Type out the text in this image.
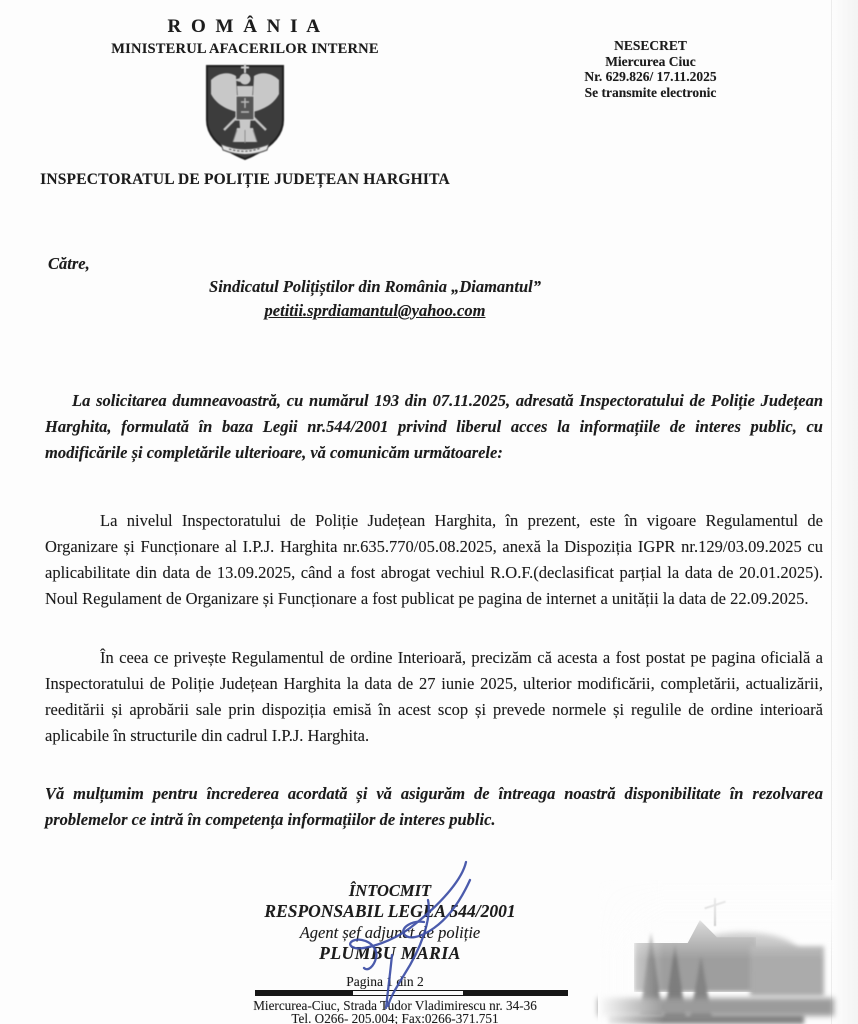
R O M Â N I A
MINISTERUL AFACERILOR INTERNE
INSPECTORATUL DE POLIȚIE JUDEȚEAN HARGHITA
NESECRET
Miercurea Ciuc
Nr. 629.826/ 17.11.2025
Se transmite electronic
Către,
Sindicatul Polițiștilor din România „Diamantul”
petitii.sprdiamantul@yahoo.com
La solicitarea dumneavoastră, cu numărul 193 din 07.11.2025, adresată Inspectoratului de Poliție Județean Harghita, formulată în baza Legii nr.544/2001 privind liberul acces la informațiile de interes public, cu modificările și completările ulterioare, vă comunicăm următoarele:
La nivelul Inspectoratului de Poliție Județean Harghita, în prezent, este în vigoare Regulamentul de Organizare și Funcționare al I.P.J. Harghita nr.635.770/05.08.2025, anexă la Dispoziția IGPR nr.129/03.09.2025 cu aplicabilitate din data de 13.09.2025, când a fost abrogat vechiul R.O.F.(declasificat parțial la data de 20.01.2025). Noul Regulament de Organizare și Funcționare a fost publicat pe pagina de internet a unității la data de 22.09.2025.
În ceea ce privește Regulamentul de ordine Interioară, precizăm că acesta a fost postat pe pagina oficială a Inspectoratului de Poliție Județean Harghita la data de 27 iunie 2025, ulterior modificării, completării, actualizării, reeditării și aprobării sale prin dispoziția emisă în acest scop și prevede normele și regulile de ordine interioară aplicabile în structurile din cadrul I.P.J. Harghita.
Vă mulțumim pentru încrederea acordată și vă asigurăm de întreaga noastră disponibilitate în rezolvarea problemelor ce intră în competența informațiilor de interes public.
ÎNTOCMIT
RESPONSABIL LEGEA 544/2001
Agent șef adjunct de poliție
PLUMBU MARIA
Pagina 1 din 2
Miercurea-Ciuc, Strada Tudor Vladimirescu nr. 34-36
Tel. O266- 205.004; Fax:0266-371.751
